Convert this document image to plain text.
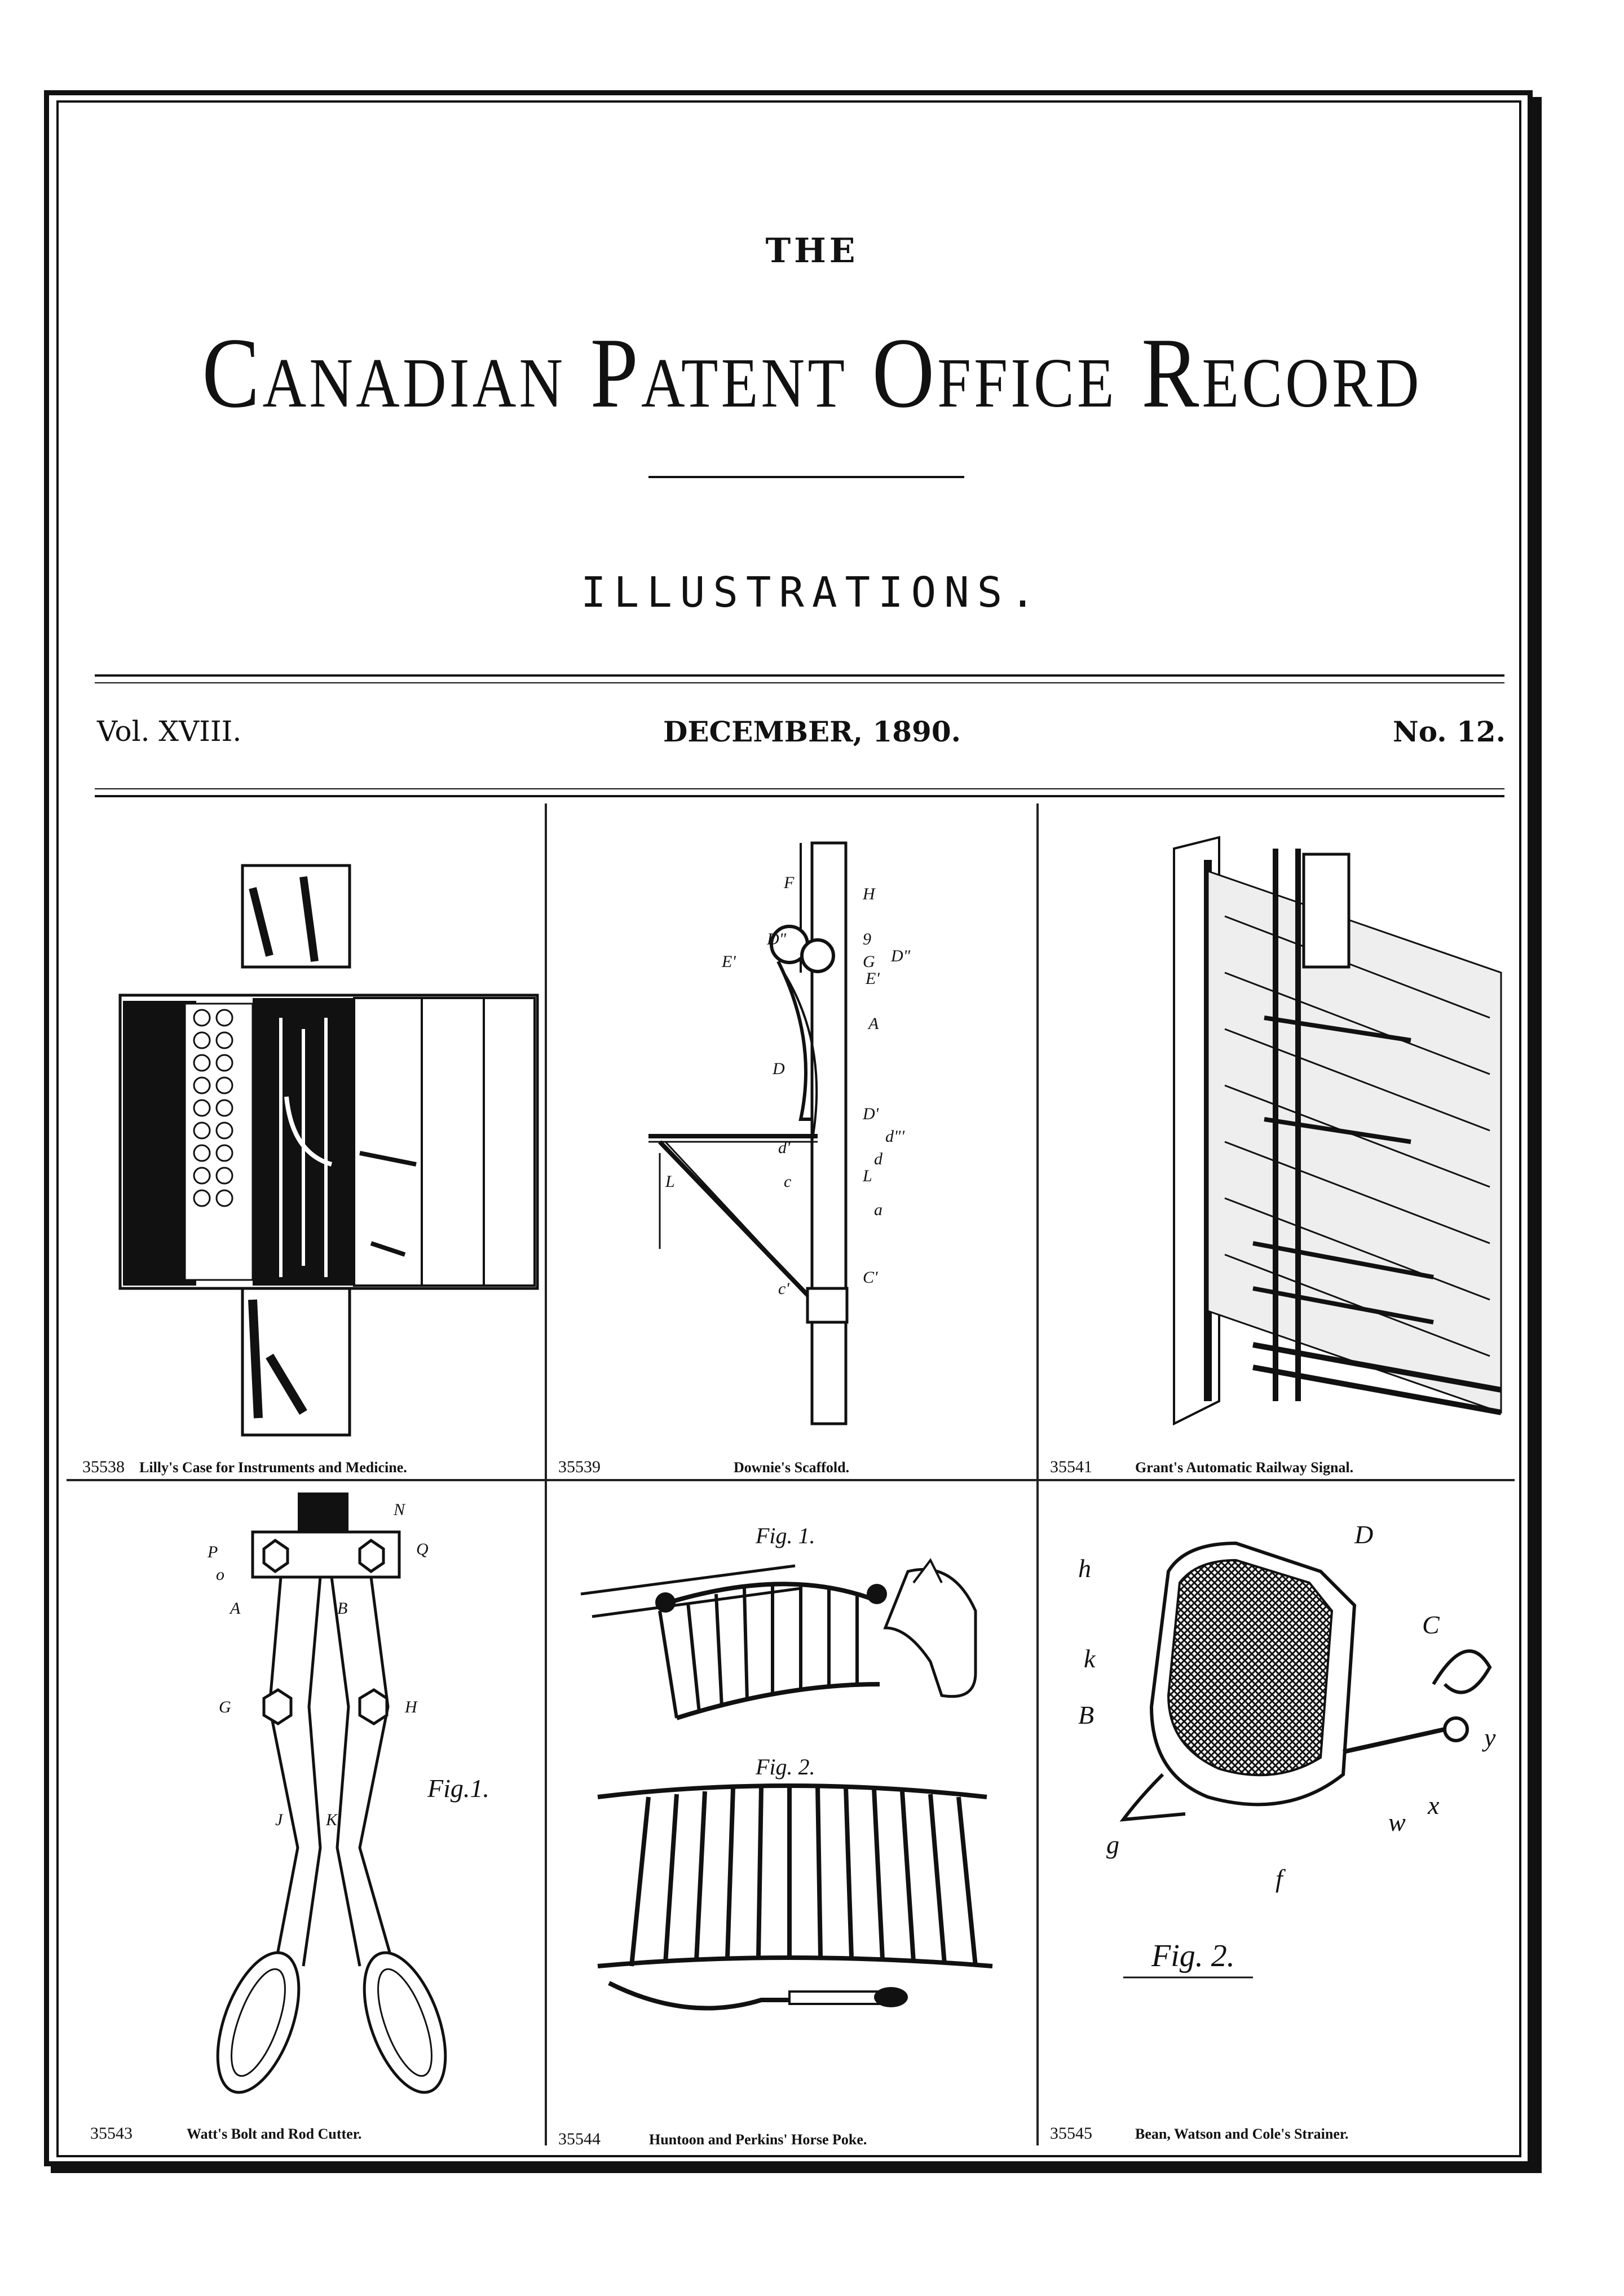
THE
Canadian Patent Office Record
ILLUSTRATIONS.
Vol. XVIII.	DECEMBER, 1890.	No. 12.
35538 Lilly's Case for Instruments and Medicine.
F
H
D"
E'
9
G D"
E'
A
D
D'
d"'
d
L
d'
c
a
L
C'
c'
35539	Downie's Scaffold.	35541	Grant's Automatic Railway Signal.
A	B
G	H
J	K
P	Q
o
N
Fig.1.
35543	Watt's Bolt and Rod Cutter.
Fig. 1.
Fig. 2.
35544	Huntoon and Perkins' Horse Poke.
h
k
B
D
C
y
x
w
g
f
Fig. 2.
35545	Bean, Watson and Cole's Strainer.
